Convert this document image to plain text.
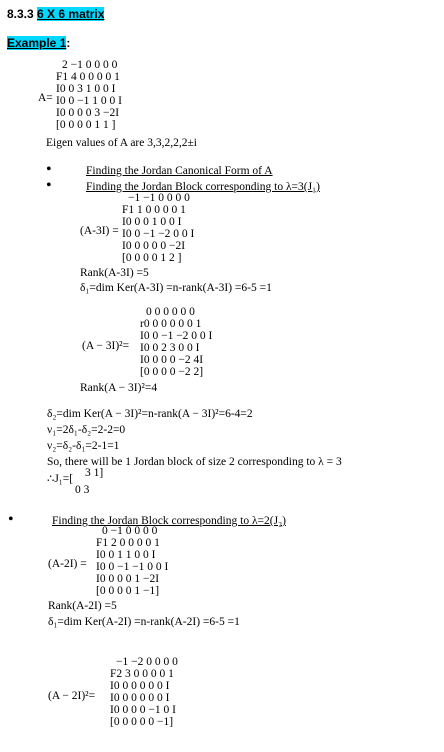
8.3.3 6 X 6 matrix
Example 1:
A=
2 −1 0 0 0 0
F1 4 0 0 0 0 1
I0 0 3 1 0 0 I
I0 0 −1 1 0 0 I
I0 0 0 0 3 −2I
[0 0 0 0 1 1 ]
Eigen values of A are 3,3,2,2,2±i
•	Finding the Jordan Canonical Form of A
•	Finding the Jordan Block corresponding to λ=3(J₁)
(A-3I) =
−1 −1 0 0 0 0
F1 1 0 0 0 0 1
I0 0 0 1 0 0 I
I0 0 −1 −2 0 0 I
I0 0 0 0 0 −2I
[0 0 0 0 1 2 ]
Rank(A-3I) =5
δ₁=dim Ker(A-3I) =n-rank(A-3I) =6-5 =1
(A − 3I)²=
0 0 0 0 0 0
r0 0 0 0 0 0 1
I0 0 −1 −2 0 0 I
I0 0 2 3 0 0 I
I0 0 0 0 −2 4I
[0 0 0 0 −2 2]
Rank(A − 3I)²=4
δ₂=dim Ker(A − 3I)²=n-rank(A − 3I)²=6-4=2
ν₁=2δ₁-δ₂=2-2=0
ν₂=δ₂-δ₁=2-1=1
So, there will be 1 Jordan block of size 2 corresponding to λ = 3
∴J₁=[ 3 1]
0 3
•	Finding the Jordan Block corresponding to λ=2(J₂)
(A-2I) =
0 −1 0 0 0 0
F1 2 0 0 0 0 1
I0 0 1 1 0 0 I
I0 0 −1 −1 0 0 I
I0 0 0 0 1 −2I
[0 0 0 0 1 −1]
Rank(A-2I) =5
δ₁=dim Ker(A-2I) =n-rank(A-2I) =6-5 =1
(A − 2I)²=
−1 −2 0 0 0 0
F2 3 0 0 0 0 1
I0 0 0 0 0 0 I
I0 0 0 0 0 0 I
I0 0 0 0 −1 0 I
[0 0 0 0 0 −1]
